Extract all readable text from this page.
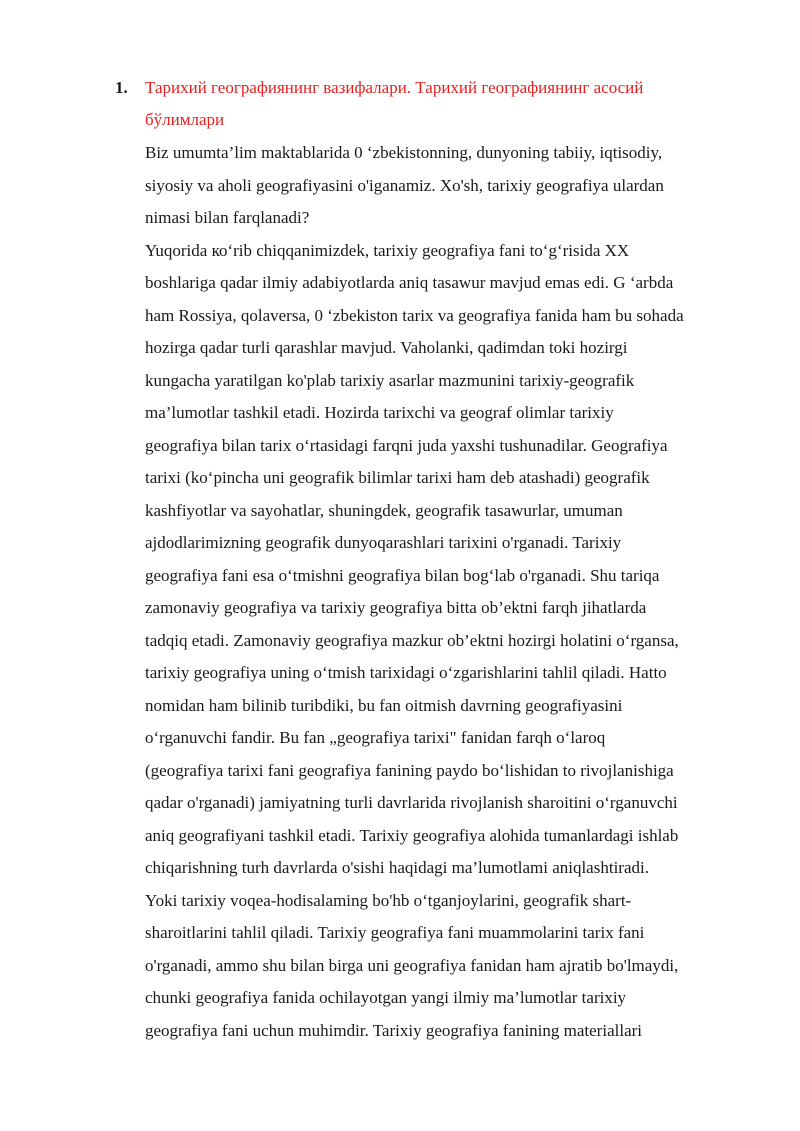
1. Тарихий географиянинг вазифалари. Тарихий географиянинг асосий
бўлимлари
Biz umumta’lim maktablarida 0 ‘zbekistonning, dunyoning tabiiy, iqtisodiy,
siyosiy va aholi geografiyasini o'iganamiz. Xo'sh, tarixiy geografiya ulardan
nimasi bilan farqlanadi?
Yuqorida ко‘rib chiqqanimizdek, tarixiy geografiya fani to‘g‘risida XX
boshlariga qadar ilmiy adabiyotlarda aniq tasawur mavjud emas edi. G ‘arbda
ham Rossiya, qolaversa, 0 ‘zbekiston tarix va geografiya fanida ham bu sohada
hozirga qadar turli qarashlar mavjud. Vaholanki, qadimdan toki hozirgi
kungacha yaratilgan ko'plab tarixiy asarlar mazmunini tarixiy-geografik
ma’lumotlar tashkil etadi. Hozirda tarixchi va geograf olimlar tarixiy
geografiya bilan tarix o‘rtasidagi farqni juda yaxshi tushunadilar. Geografiya
tarixi (ko‘pincha uni geografik bilimlar tarixi ham deb atashadi) geografik
kashfiyotlar va sayohatlar, shuningdek, geografik tasawurlar, umuman
ajdodlarimizning geografik dunyoqarashlari tarixini o'rganadi. Tarixiy
geografiya fani esa o‘tmishni geografiya bilan bog‘lab o'rganadi. Shu tariqa
zamonaviy geografiya va tarixiy geografiya bitta ob’ektni farqh jihatlarda
tadqiq etadi. Zamonaviy geografiya mazkur ob’ektni hozirgi holatini o‘rgansa,
tarixiy geografiya uning o‘tmish tarixidagi o‘zgarishlarini tahlil qiladi. Hatto
nomidan ham bilinib turibdiki, bu fan oitmish davrning geografiyasini
o‘rganuvchi fandir. Bu fan „geografiya tarixi" fanidan farqh o‘laroq
(geografiya tarixi fani geografiya fanining paydo bo‘lishidan to rivojlanishiga
qadar o'rganadi) jamiyatning turli davrlarida rivojlanish sharoitini o‘rganuvchi
aniq geografiyani tashkil etadi. Tarixiy geografiya alohida tumanlardagi ishlab
chiqarishning turh davrlarda o'sishi haqidagi ma’lumotlami aniqlashtiradi.
Yoki tarixiy voqea-hodisalaming bo'hb o‘tganjoylarini, geografik shart-
sharoitlarini tahlil qiladi. Tarixiy geografiya fani muammolarini tarix fani
o'rganadi, ammo shu bilan birga uni geografiya fanidan ham ajratib bo'lmaydi,
chunki geografiya fanida ochilayotgan yangi ilmiy ma’lumotlar tarixiy
geografiya fani uchun muhimdir. Tarixiy geografiya fanining materiallari
